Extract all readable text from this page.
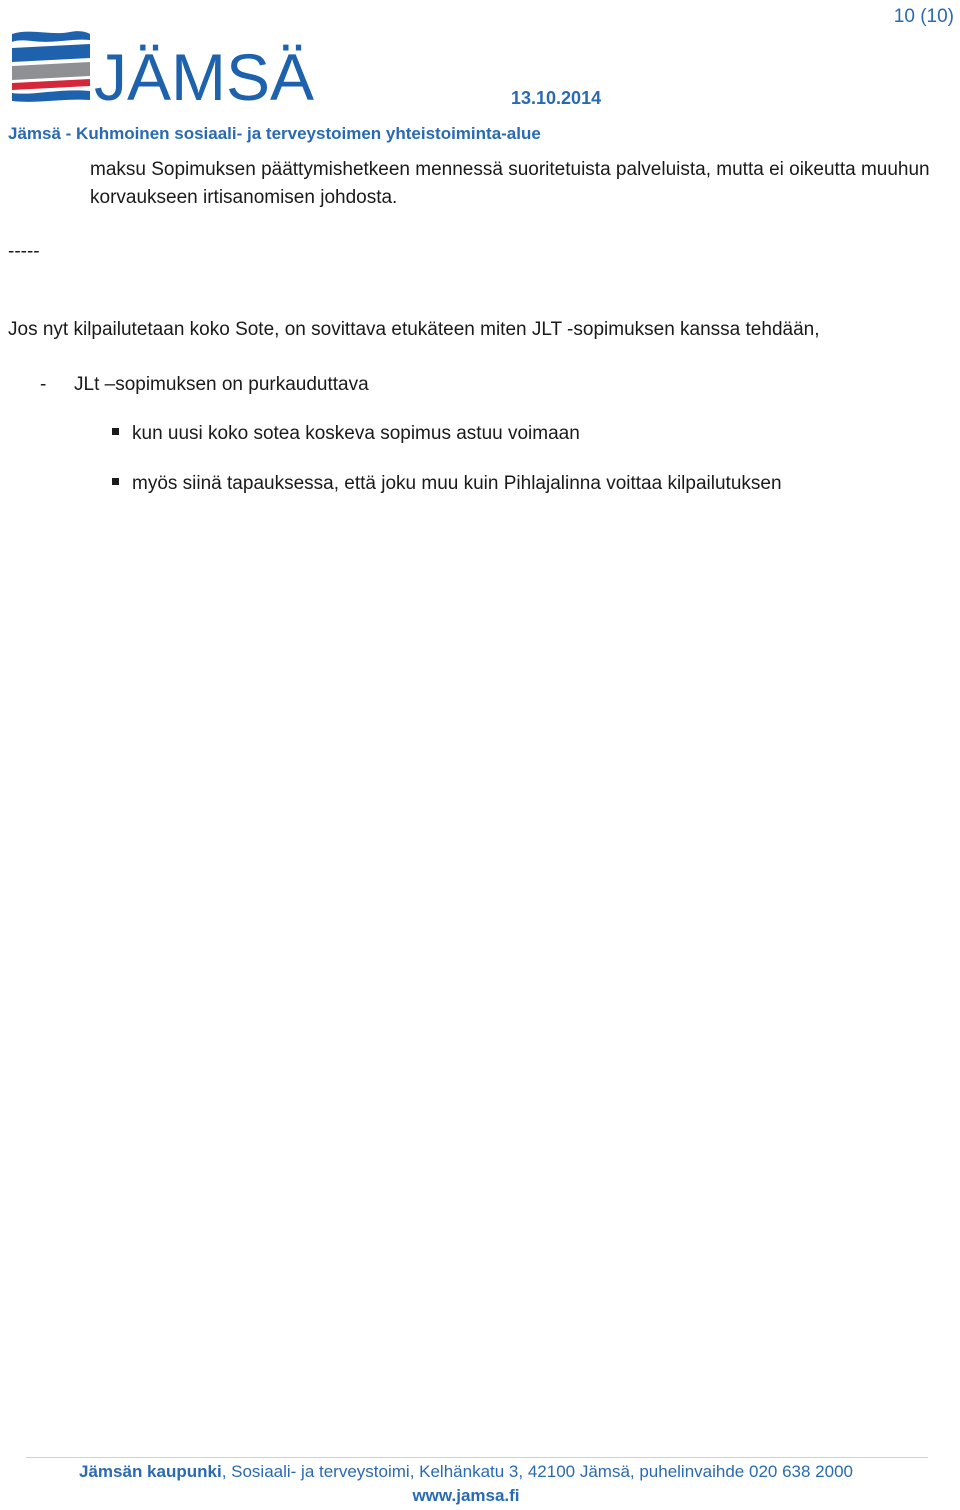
10 (10)
JÄMSÄ	13.10.2014
Jämsä - Kuhmoinen sosiaali- ja terveystoimen yhteistoiminta-alue

maksu Sopimuksen päättymishetkeen mennessä suoritetuista palveluista, mutta ei oikeutta muuhun korvaukseen irtisanomisen johdosta.

-----

Jos nyt kilpailutetaan koko Sote, on sovittava etukäteen miten JLT -sopimuksen kanssa tehdään,

- JLt –sopimuksen on purkauduttava
kun uusi koko sotea koskeva sopimus astuu voimaan
myös siinä tapauksessa, että joku muu kuin Pihlajalinna voittaa kilpailutuksen
Jämsän kaupunki, Sosiaali- ja terveystoimi, Kelhänkatu 3, 42100 Jämsä, puhelinvaihde 020 638 2000
www.jamsa.fi
